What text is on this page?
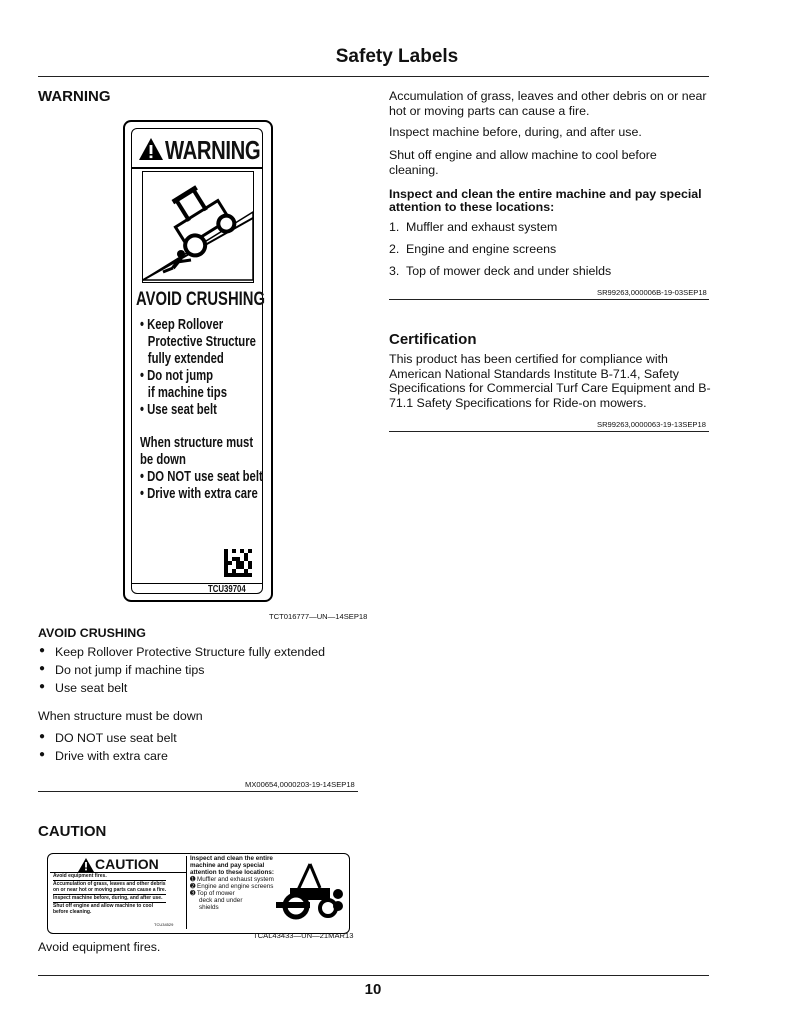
Safety Labels
WARNING
WARNING
AVOID CRUSHING
• Keep Rollover
Protective Structure
fully extended
• Do not jump
if machine tips
• Use seat belt
When structure must
be down
• DO NOT use seat belt
• Drive with extra care
TCU39704
TCT016777—UN—14SEP18
AVOID CRUSHING
● Keep Rollover Protective Structure fully extended
● Do not jump if machine tips
● Use seat belt
When structure must be down
● DO NOT use seat belt
● Drive with extra care
MX00654,0000203-19-14SEP18
CAUTION
CAUTION
Avoid equipment fires.
Accumulation of grass, leaves and other debris
on or near hot or moving parts can cause a fire.
Inspect machine before, during, and after use.
Shut off engine and allow machine to cool
before cleaning.
TCU34529
Inspect and clean the entire
machine and pay special
attention to these locations:
➊ Muffler and exhaust system
➋ Engine and engine screens
➌ Top of mower
deck and under
shields
TCAL43433—UN—21MAR13
Avoid equipment fires.
Accumulation of grass, leaves and other debris on or near hot or moving parts can cause a fire.
Inspect machine before, during, and after use.
Shut off engine and allow machine to cool before cleaning.
Inspect and clean the entire machine and pay special attention to these locations:
1. Muffler and exhaust system
2. Engine and engine screens
3. Top of mower deck and under shields
SR99263,000006B-19-03SEP18
Certification
This product has been certified for compliance with American National Standards Institute B-71.4, Safety Specifications for Commercial Turf Care Equipment and B-71.1 Safety Specifications for Ride-on mowers.
SR99263,0000063-19-13SEP18
10
